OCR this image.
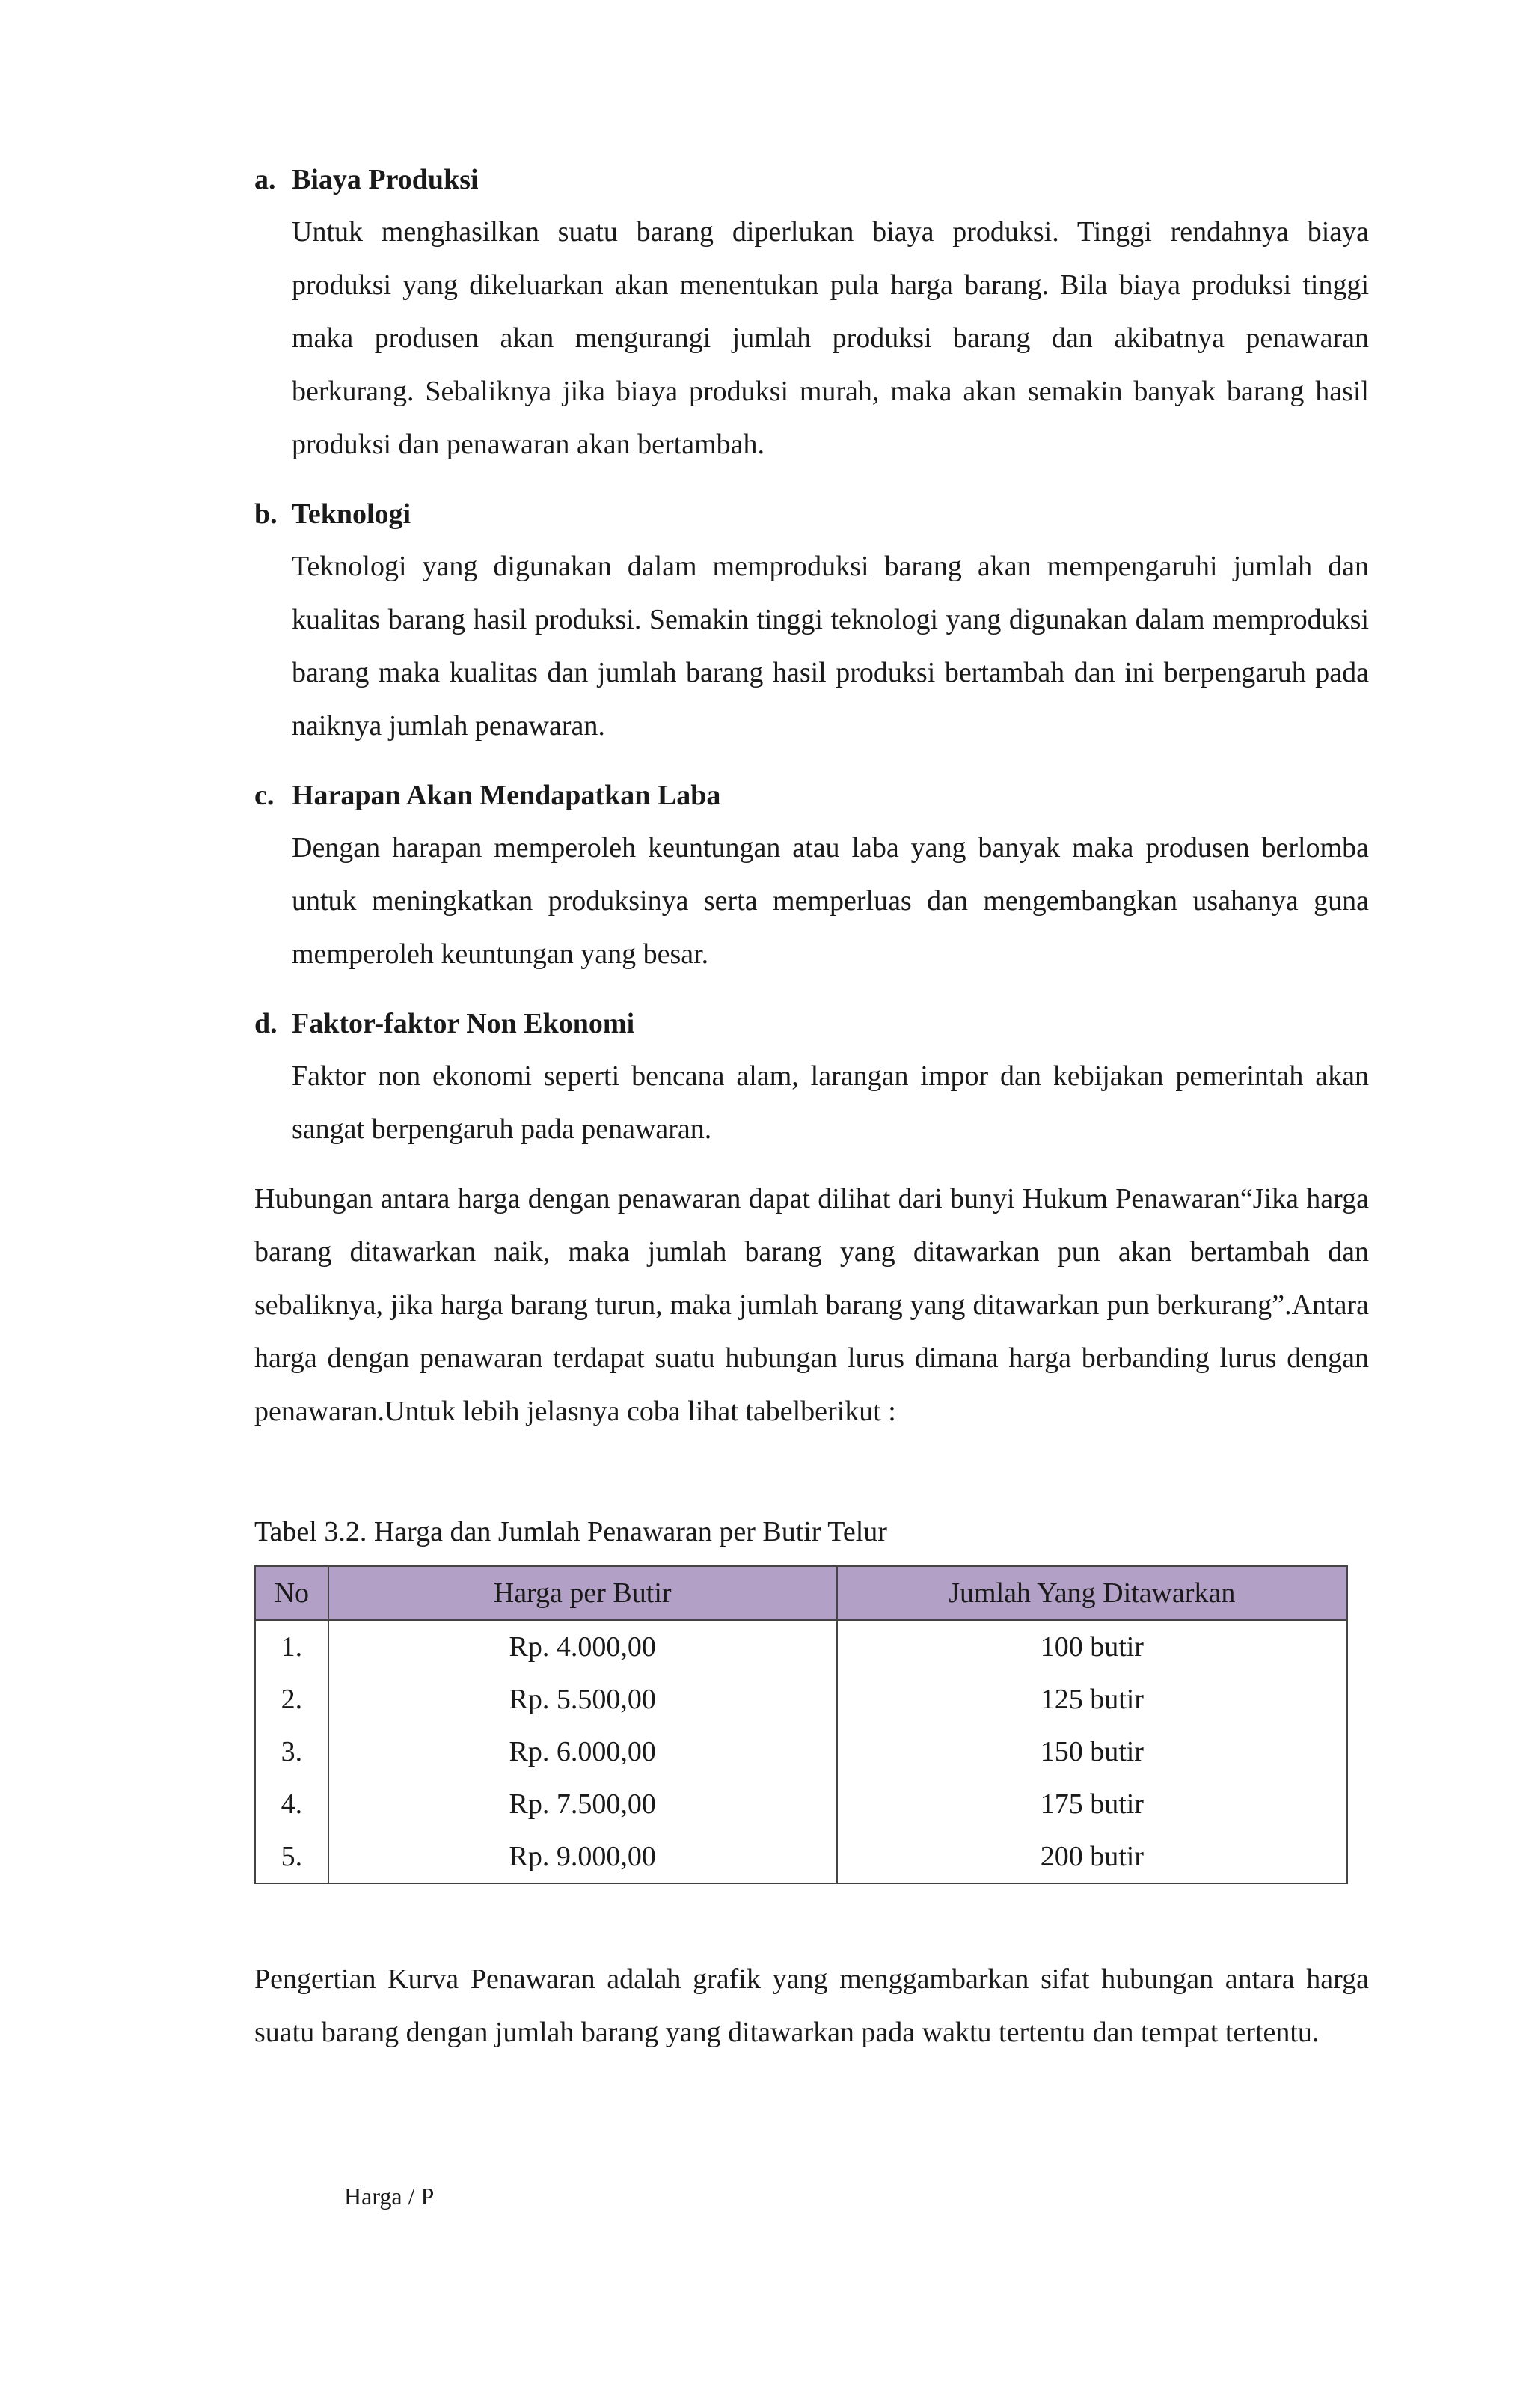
a. Biaya Produksi
Untuk menghasilkan suatu barang diperlukan biaya produksi. Tinggi rendahnya biaya produksi yang dikeluarkan akan menentukan pula harga barang. Bila biaya produksi tinggi maka produsen akan mengurangi jumlah produksi barang dan akibatnya penawaran berkurang. Sebaliknya jika biaya produksi murah, maka akan semakin banyak barang hasil produksi dan penawaran akan bertambah.
b. Teknologi
Teknologi yang digunakan dalam memproduksi barang akan mempengaruhi jumlah dan kualitas barang hasil produksi. Semakin tinggi teknologi yang digunakan dalam memproduksi barang maka kualitas dan jumlah barang hasil produksi bertambah dan ini berpengaruh pada naiknya jumlah penawaran.
c. Harapan Akan Mendapatkan Laba
Dengan harapan memperoleh keuntungan atau laba yang banyak maka produsen berlomba untuk meningkatkan produksinya serta memperluas dan mengembangkan usahanya guna memperoleh keuntungan yang besar.
d. Faktor-faktor Non Ekonomi
Faktor non ekonomi seperti bencana alam, larangan impor dan kebijakan pemerintah akan sangat berpengaruh pada penawaran.
Hubungan antara harga dengan penawaran dapat dilihat dari bunyi Hukum Penawaran“Jika harga barang ditawarkan naik, maka jumlah barang yang ditawarkan pun akan bertambah dan sebaliknya, jika harga barang turun, maka jumlah barang yang ditawarkan pun berkurang”.Antara harga dengan penawaran terdapat suatu hubungan lurus dimana harga berbanding lurus dengan penawaran.Untuk lebih jelasnya coba lihat tabelberikut :
Tabel 3.2. Harga dan Jumlah Penawaran per Butir Telur
No	Harga per Butir	Jumlah Yang Ditawarkan
1.	Rp. 4.000,00	100 butir
2.	Rp. 5.500,00	125 butir
3.	Rp. 6.000,00	150 butir
4.	Rp. 7.500,00	175 butir
5.	Rp. 9.000,00	200 butir
Pengertian Kurva Penawaran adalah grafik yang menggambarkan sifat hubungan antara harga suatu barang dengan jumlah barang yang ditawarkan pada waktu tertentu dan tempat tertentu.
Harga / P
